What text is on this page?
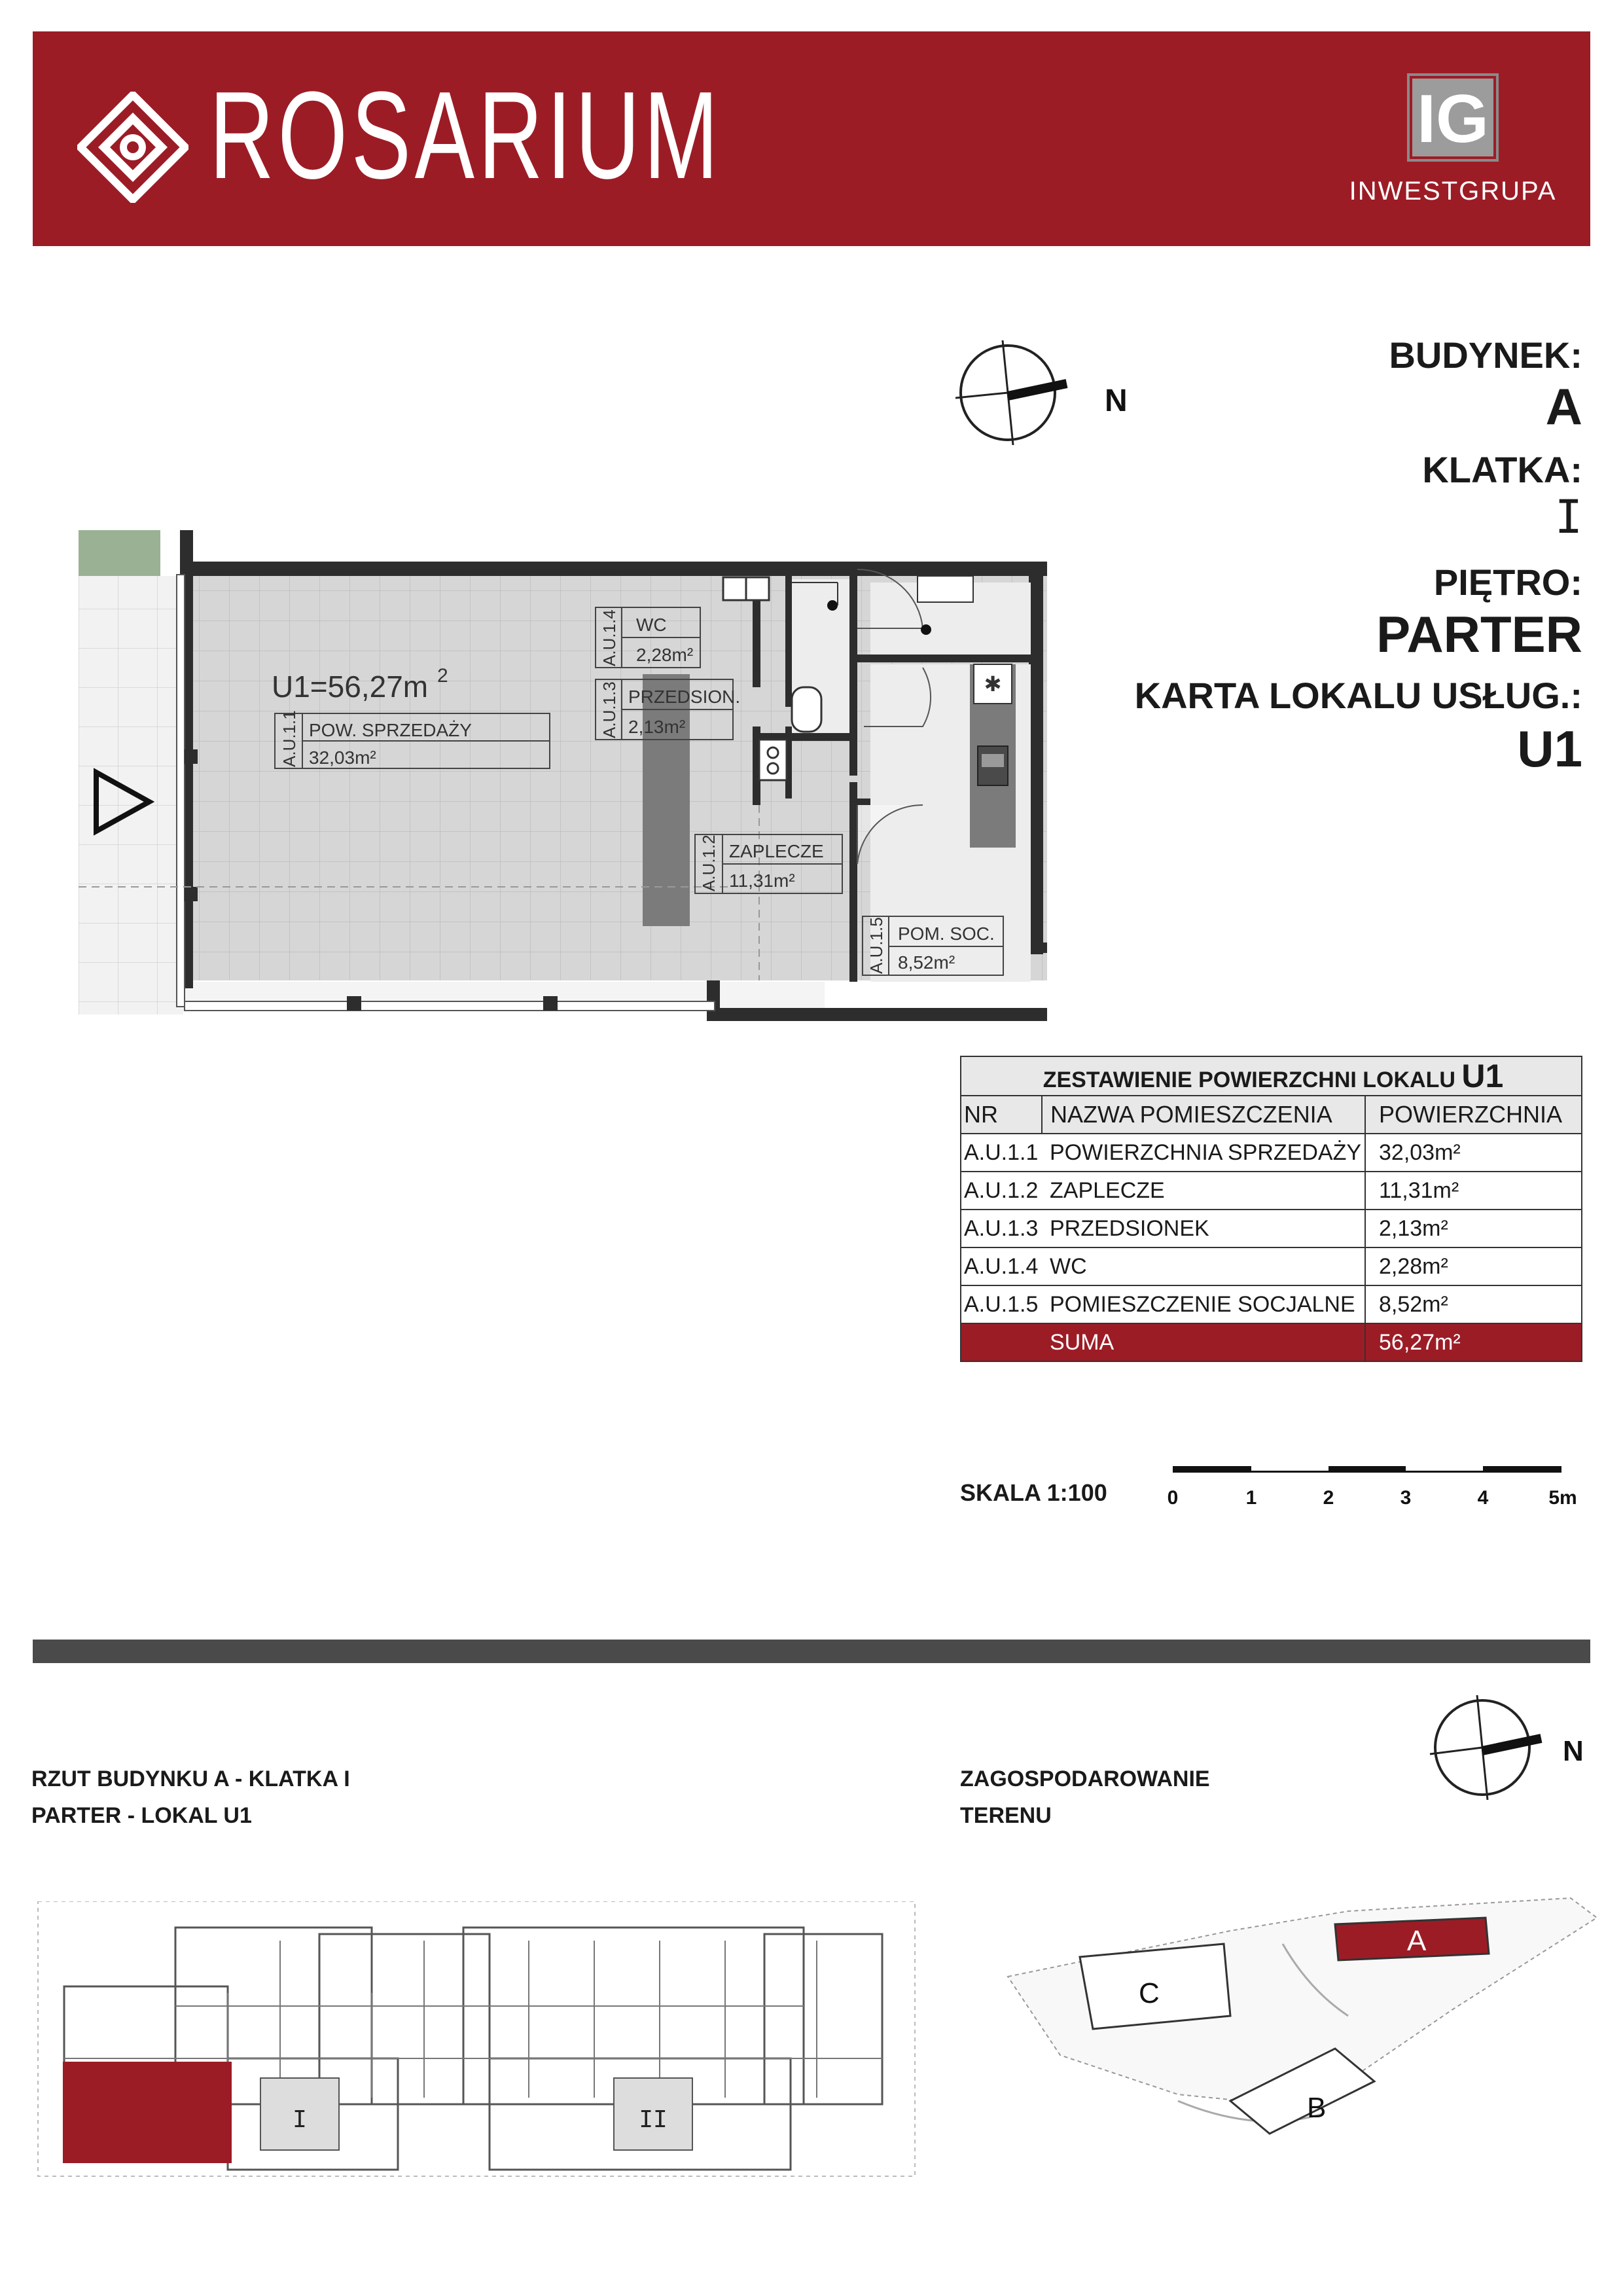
ROSARIUM	IG
INWESTGRUPA
BUDYNEK:
A
KLATKA:
I
PIĘTRO:
PARTER
KARTA LOKALU USŁUG.:
U1
N
✱
U1=56,27m 2
A.U.1.1 POW. SPRZEDAŻY
32,03m²
A.U.1.2 ZAPLECZE
11,31m²
A.U.1.3 PRZEDSION.
2,13m²
A.U.1.4 WC
2,28m²
A.U.1.5 POM. SOC.
8,52m²
ZESTAWIENIE POWIERZCHNI LOKALU U1		
NR	NAZWA POMIESZCZENIA	POWIERZCHNIA
A.U.1.1	POWIERZCHNIA SPRZEDAŻY	32,03m²
A.U.1.2	ZAPLECZE	11,31m²
A.U.1.3	PRZEDSIONEK	2,13m²
A.U.1.4	WC	2,28m²
A.U.1.5	POMIESZCZENIE SOCJALNE	8,52m²
	SUMA	56,27m²
SKALA 1:100	0	1	2	3	4	5m
RZUT BUDYNKU A - KLATKA I
PARTER - LOKAL U1
ZAGOSPODAROWANIE
TERENU
N
I	II
A
B
C
